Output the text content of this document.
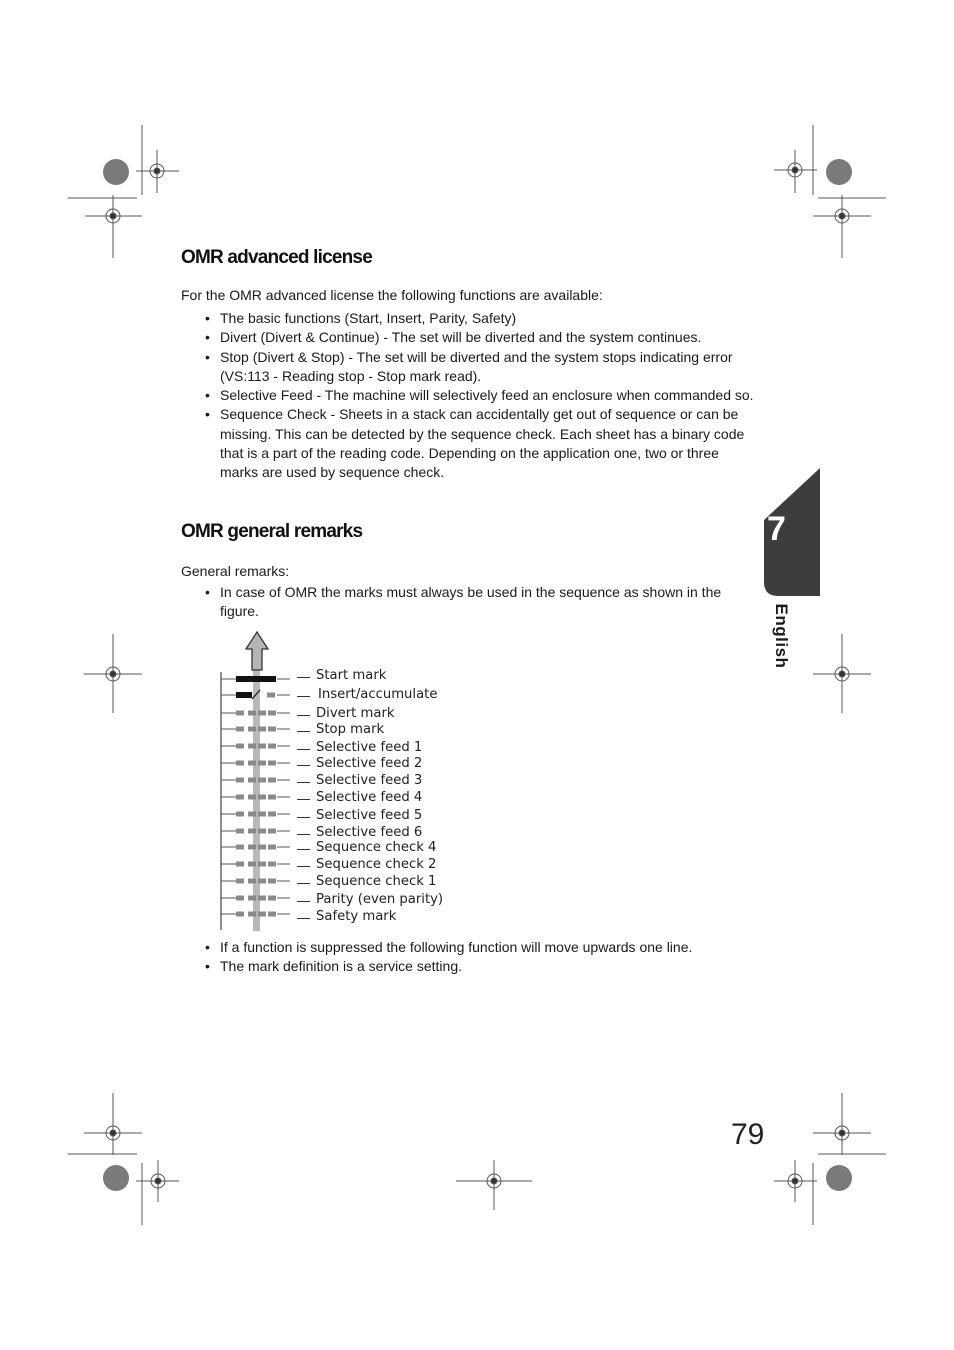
OMR advanced license

For the OMR advanced license the following functions are available:

• The basic functions (Start, Insert, Parity, Safety)
• Divert (Divert & Continue) - The set will be diverted and the system continues.
• Stop (Divert & Stop) - The set will be diverted and the system stops indicating error (VS:113 - Reading stop - Stop mark read).
• Selective Feed - The machine will selectively feed an enclosure when commanded so.
• Sequence Check - Sheets in a stack can accidentally get out of sequence or can be missing. This can be detected by the sequence check. Each sheet has a binary code that is a part of the reading code. Depending on the application one, two or three marks are used by sequence check.
OMR general remarks

General remarks:

• In case of OMR the marks must always be used in the sequence as shown in the figure.
Start mark
Insert/accumulate
Divert mark
Stop mark
Selective feed 1
Selective feed 2
Selective feed 3
Selective feed 4
Selective feed 5
Selective feed 6
Sequence check 4
Sequence check 2
Sequence check 1
Parity (even parity)
Safety mark
• If a function is suppressed the following function will move upwards one line.
• The mark definition is a service setting.
7
English
79
